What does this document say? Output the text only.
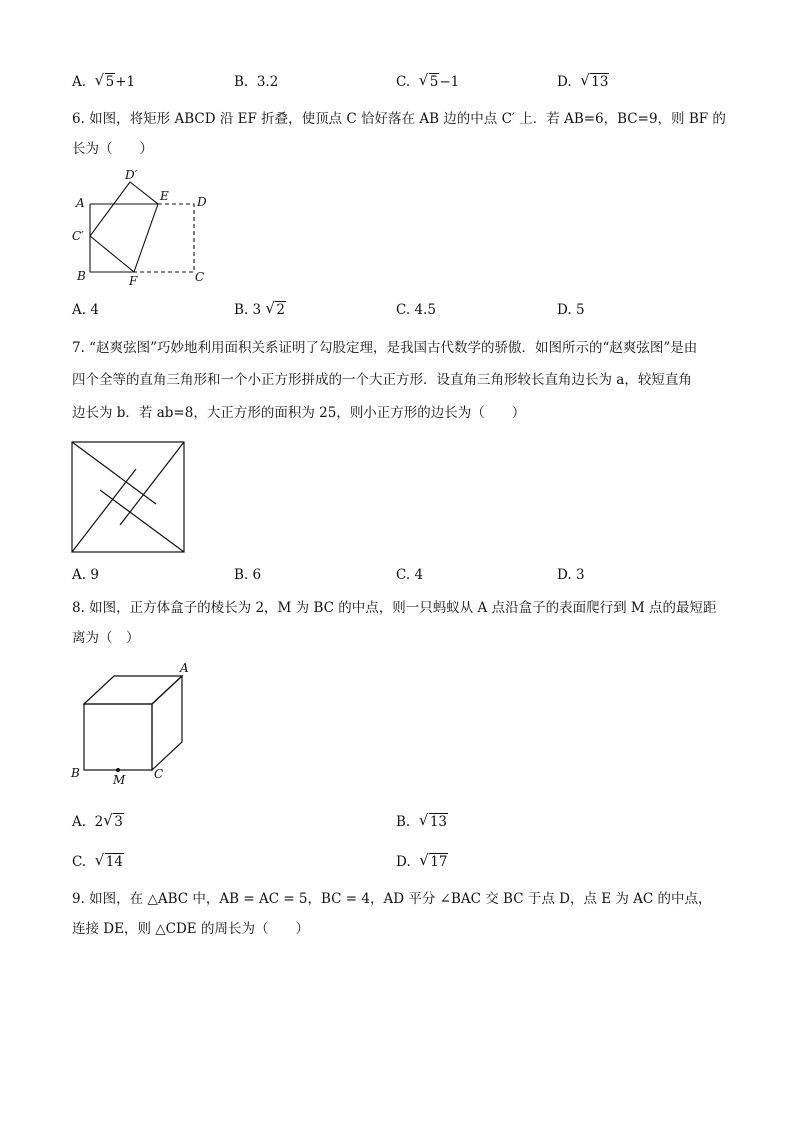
A. √ 5+1	B. 3.2	C. √ 5−1	D. √ 13
6. 如图，将矩形 ABCD 沿 EF 折叠，使顶点 C 恰好落在 AB 边的中点 C′ 上．若 AB=6，BC=9，则 BF 的
长为（　　）
A
C′
B	F	C
D
E
D′
A. 4	B. 3 √ 2	C. 4.5	D. 5
7. “赵爽弦图”巧妙地利用面积关系证明了勾股定理，是我国古代数学的骄傲．如图所示的“赵爽弦图”是由
四个全等的直角三角形和一个小正方形拼成的一个大正方形．设直角三角形较长直角边长为 a，较短直角
边长为 b．若 ab=8，大正方形的面积为 25，则小正方形的边长为（　　）
A. 9	B. 6	C. 4	D. 3
8. 如图，正方体盒子的棱长为 2，M 为 BC 的中点，则一只蚂蚁从 A 点沿盒子的表面爬行到 M 点的最短距
离为（　）
A
B	M C
A. 2 √ 3	B. √ 13
C. √ 14	D. √ 17
9. 如图，在 △ABC 中，AB = AC = 5，BC = 4，AD 平分 ∠BAC 交 BC 于点 D，点 E 为 AC 的中点，
连接 DE，则 △CDE 的周长为（　　）
